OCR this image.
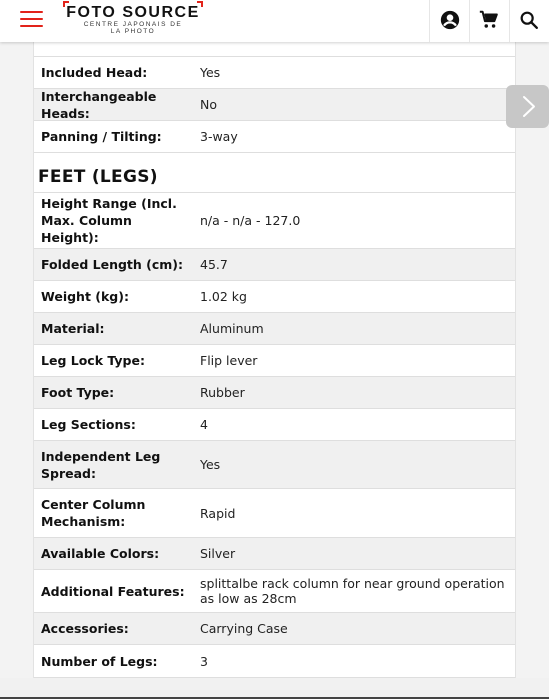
FOTO SOURCE
CENTRE JAPONAIS DE
LA PHOTO
Included Head:	Yes
Interchangeable Heads:
No
Panning / Tilting:	3-way
FEET (LEGS)
Height Range (Incl. Max. Column Height):
n/a - n/a - 127.0
Folded Length (cm):	45.7
Weight (kg):	1.02 kg
Material:	Aluminum
Leg Lock Type:	Flip lever
Foot Type:	Rubber
Leg Sections:	4
Independent Leg Spread:
Yes
Center Column Mechanism:
Rapid
Available Colors:	Silver
Additional Features:	splittalbe rack column for near ground operation as low as 28cm
Accessories:	Carrying Case
Number of Legs:	3
